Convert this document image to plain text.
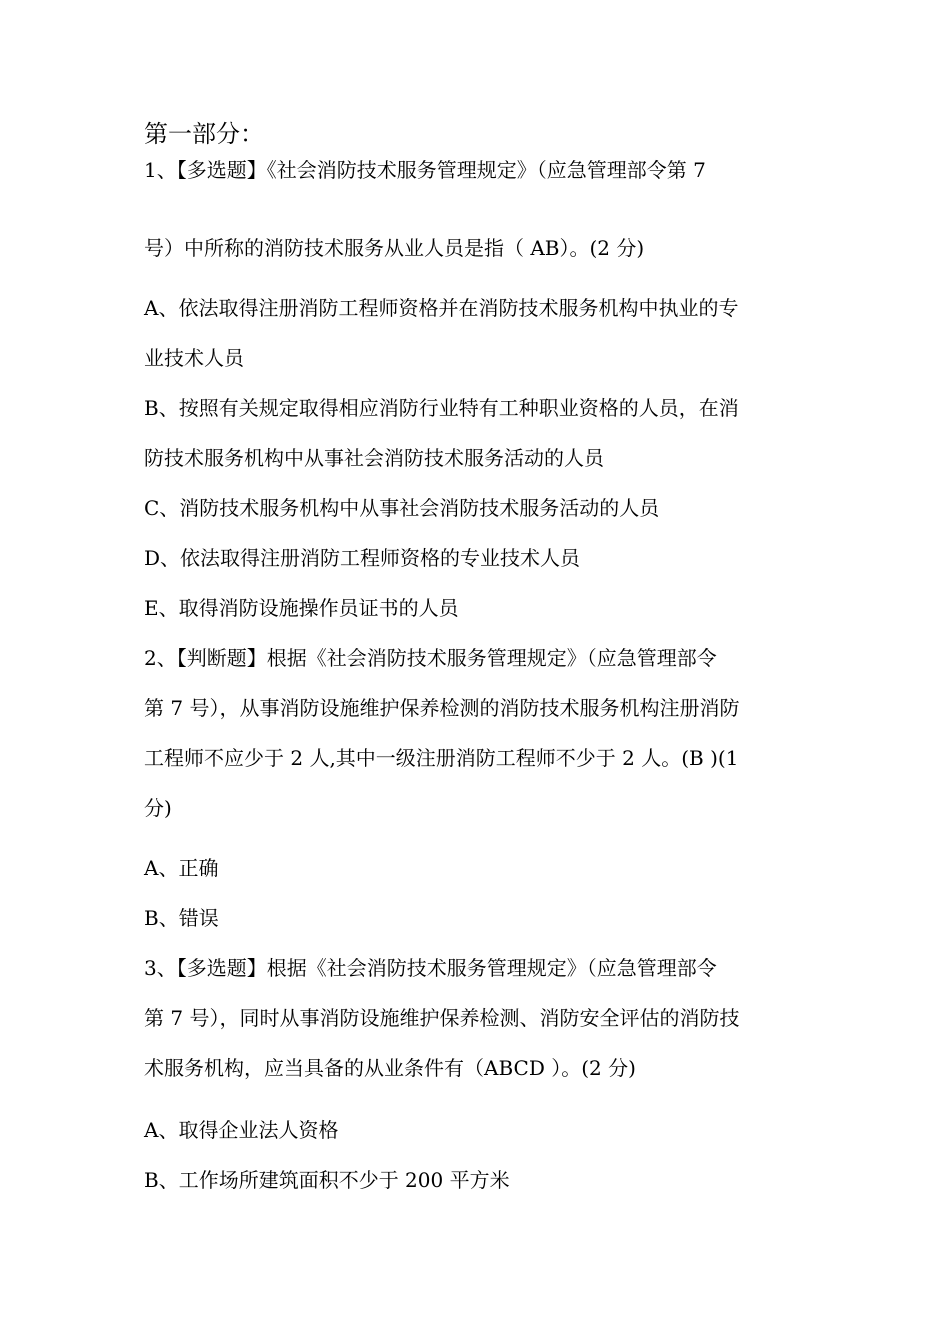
第一部分：
1、【多选题】《社会消防技术服务管理规定》（应急管理部令第 7
号）中所称的消防技术服务从业人员是指（ AB）。(2 分)
A、依法取得注册消防工程师资格并在消防技术服务机构中执业的专
业技术人员
B、按照有关规定取得相应消防行业特有工种职业资格的人员，在消
防技术服务机构中从事社会消防技术服务活动的人员
C、消防技术服务机构中从事社会消防技术服务活动的人员
D、依法取得注册消防工程师资格的专业技术人员
E、取得消防设施操作员证书的人员
2、【判断题】根据《社会消防技术服务管理规定》（应急管理部令
第 7 号），从事消防设施维护保养检测的消防技术服务机构注册消防
工程师不应少于 2 人,其中一级注册消防工程师不少于 2 人。(B )(1
分)
A、正确
B、错误
3、【多选题】根据《社会消防技术服务管理规定》（应急管理部令
第 7 号），同时从事消防设施维护保养检测、消防安全评估的消防技
术服务机构，应当具备的从业条件有（ABCD ）。(2 分)
A、取得企业法人资格
B、工作场所建筑面积不少于 200 平方米
